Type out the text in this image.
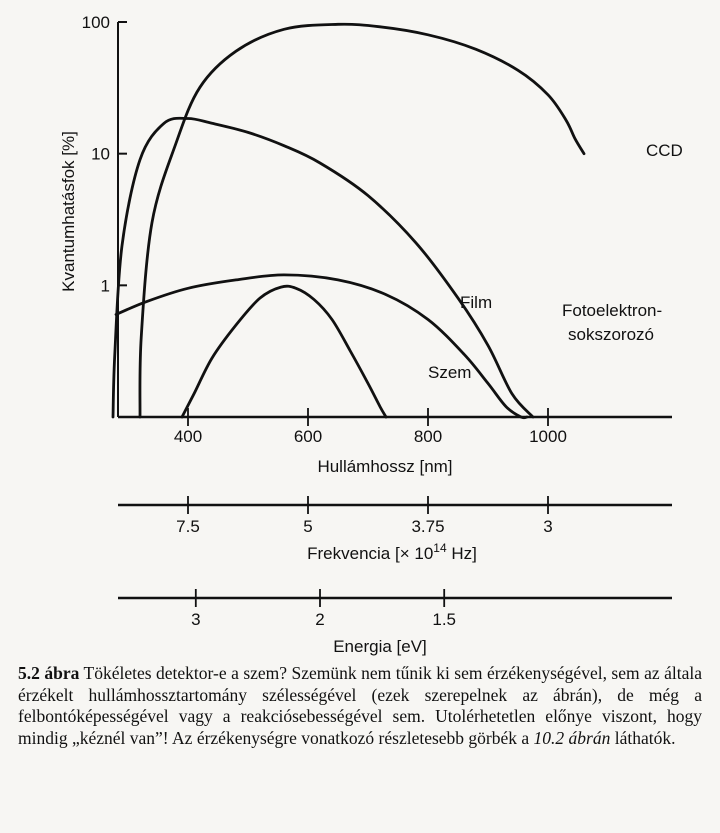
1
10
100
Kvantumhatásfok [%]
400	600	800	1000
Hullámhossz [nm]
7.5	5	3.75	3
Frekvencia [× $10^{14}$ Hz]
3	2	1.5
Energia [eV]
CCD
Film
Szem
Fotoelektron-
sokszorozó
5.2 ábra Tökéletes detektor-e a szem? Szemünk nem tűnik ki sem érzékenységével, sem az általa érzékelt hullámhossztartomány szélességével (ezek szerepelnek az ábrán), de még a felbontóképességével vagy a reakciósebességével sem. Utolérhetetlen előnye viszont, hogy mindig „kéznél van”! Az érzékenységre vonatkozó részletesebb görbék a 10.2 ábrán láthatók.
